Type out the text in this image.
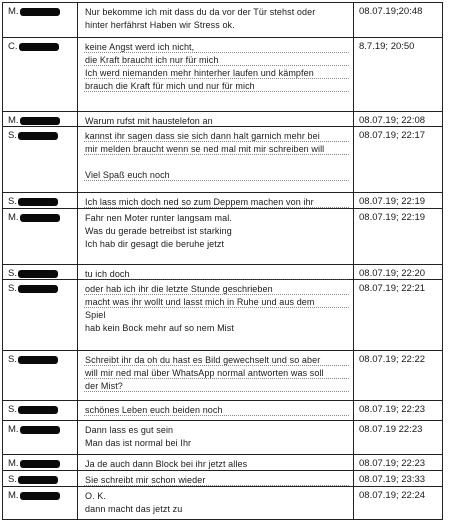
M.	Nur bekomme ich mit dass du da vor der Tür stehst oder
hinter herfährst Haben wir Stress ok.
08.07.19;20:48
C.	keine Angst werd ich nicht,
die Kraft braucht ich nur für mich
Ich werd niemanden mehr hinterher laufen und kämpfen
brauch die Kraft für mich und nur für mich
8.7.19; 20:50
M.	Warum rufst mit haustelefon an	08.07.19; 22:08
S.	kannst ihr sagen dass sie sich dann halt garnich mehr bei
mir melden braucht wenn se ned mal mit mir schreiben will
Viel Spaß euch noch
08.07.19; 22:17
S.	Ich lass mich doch ned so zum Deppem machen von ihr	08.07.19; 22:19
M.	Fahr nen Moter runter langsam mal.
Was du gerade betreibst ist starking
Ich hab dir gesagt die beruhe jetzt
08.07.19; 22:19
S.	tu ich doch	08.07.19; 22:20
S.	oder hab ich ihr die letzte Stunde geschrieben
macht was ihr wollt und lasst mich in Ruhe und aus dem
Spiel
hab kein Bock mehr auf so nem Mist
08.07.19; 22:21
S.	Schreibt ihr da oh du hast es Bild gewechselt und so aber
will mir ned mal über WhatsApp normal antworten was soll
der Mist?
08.07.19; 22:22
S.	schönes Leben euch beiden noch	08.07.19; 22:23
M.	Dann lass es gut sein
Man das ist normal bei Ihr
08.07.19 22:23
M.	Ja de auch dann Block bei ihr jetzt alles	08.07.19; 22:23
S.	Sie schreibt mir schon wieder	08.07.19; 23:33
M.	O. K.
dann macht das jetzt zu
08.07.19; 22:24
